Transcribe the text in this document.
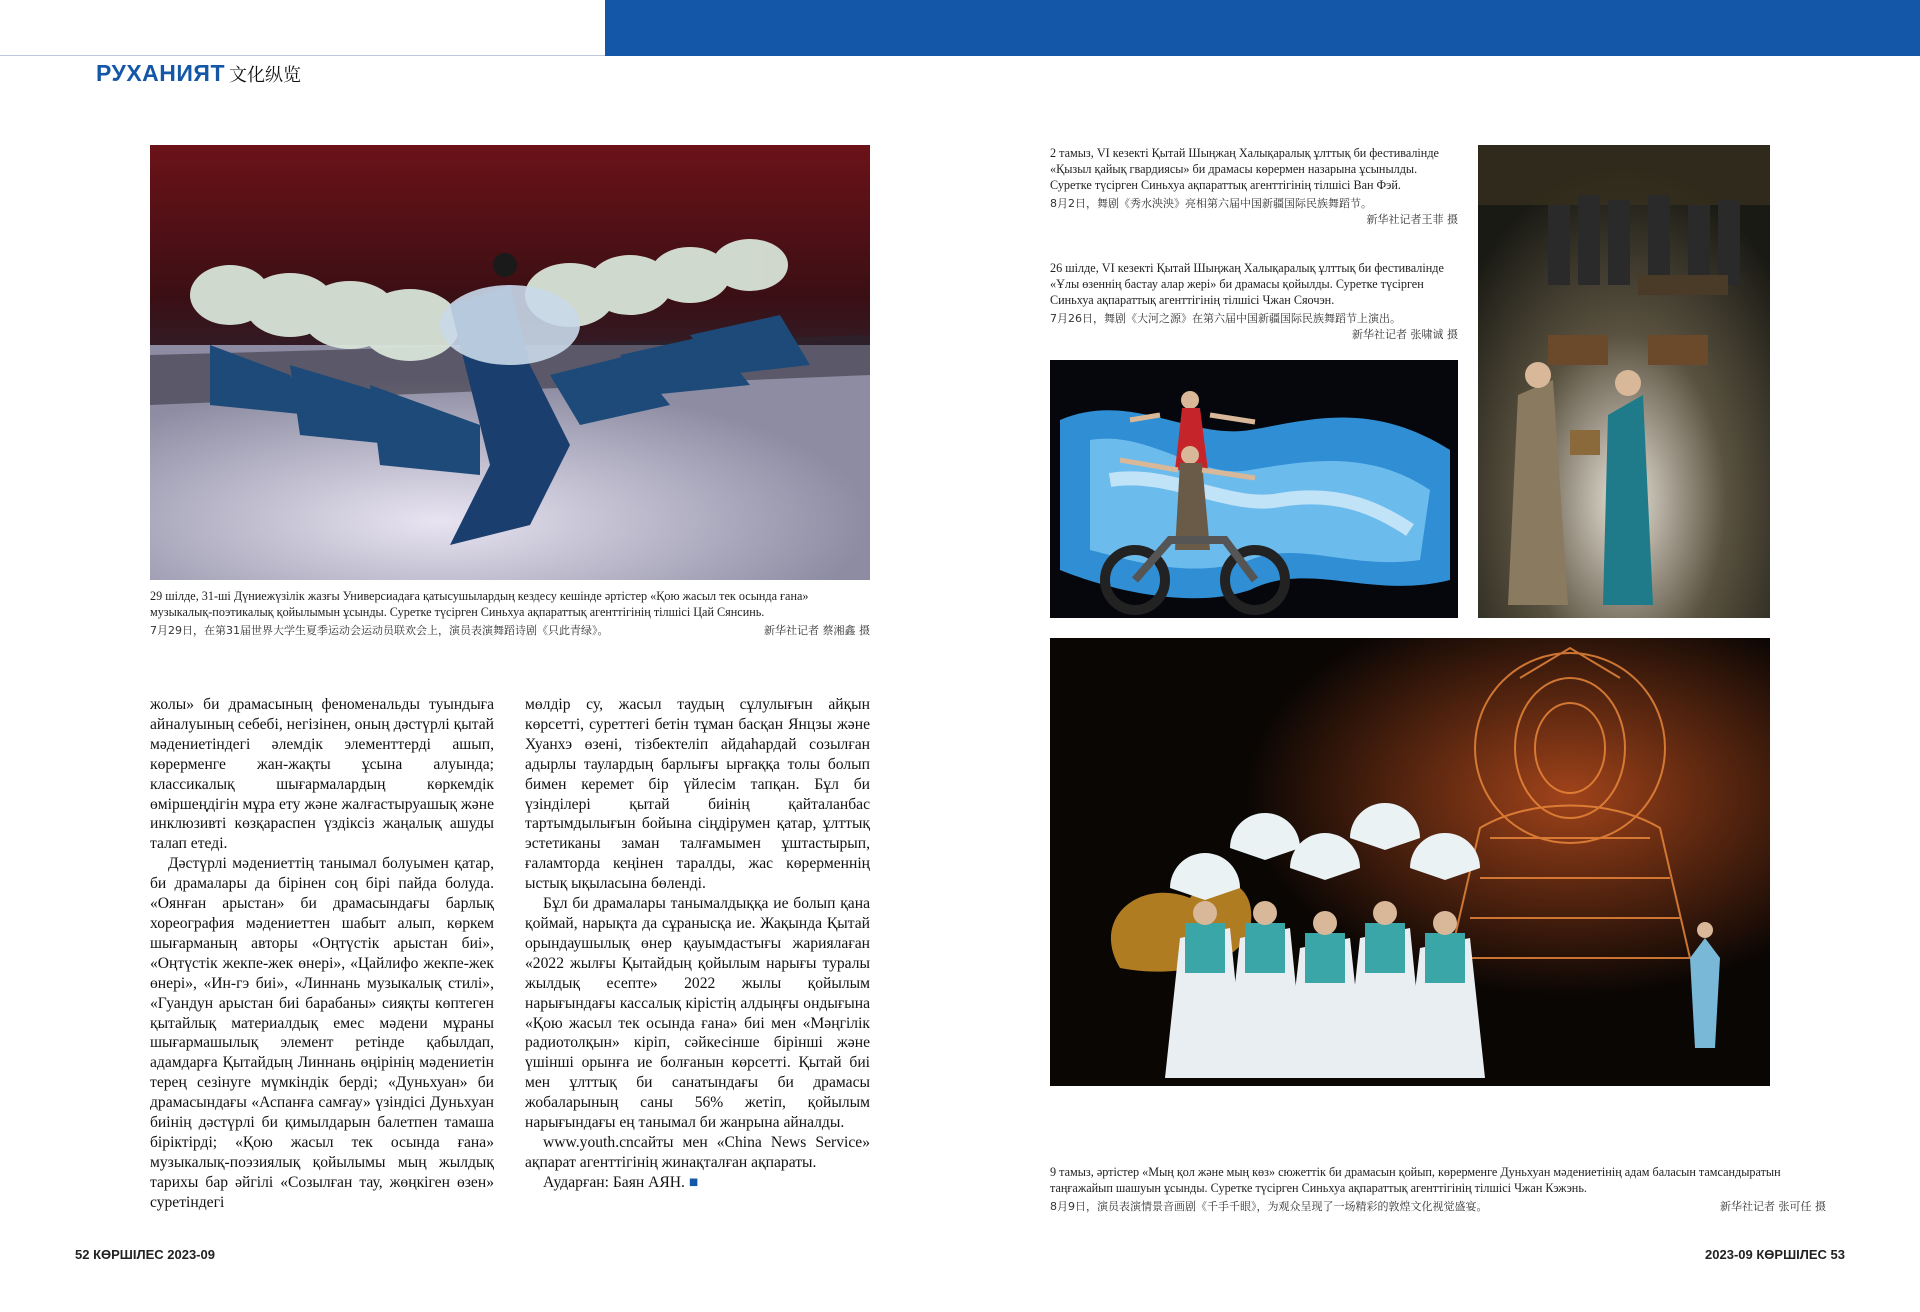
РУХАНИЯТ 文化纵览

29 шілде, 31-ші Дүниежүзілік жазғы Универсиадаға қатысушылардың кездесу кешінде әртістер «Қою жасыл тек осында ғана» музыкалық-поэтикалық қойылымын ұсынды. Суретке түсірген Синьхуа ақпараттық агенттігінің тілшісі Цай Сянсинь.

7月29日，在第31届世界大学生夏季运动会运动员联欢会上，演员表演舞蹈诗剧《只此青绿》。	新华社记者 蔡湘鑫 摄

2 тамыз, VI кезекті Қытай Шыңжаң Халықаралық ұлттық би фестивалінде «Қызыл қайық гвардиясы» би драмасы көрермен назарына ұсынылды. Суретке түсірген Синьхуа ақпараттық агенттігінің тілшісі Ван Фэй.

8月2日，舞剧《秀水泱泱》亮相第六届中国新疆国际民族舞蹈节。

新华社记者王菲 摄

26 шілде, VI кезекті Қытай Шыңжаң Халықаралық ұлттық би фестивалінде «Ұлы өзеннің бастау алар жері» би драмасы қойылды. Суретке түсірген Синьхуа ақпараттық агенттігінің тілшісі Чжан Сяочэн.

7月26日，舞剧《大河之源》在第六届中国新疆国际民族舞蹈节上演出。

新华社记者 张啸诚 摄

9 тамыз, әртістер «Мың қол және мың көз» сюжеттік би драмасын қойып, көрерменге Дуньхуан мәдениетінің адам баласын тамсандыратын таңғажайып шашуын ұсынды. Суретке түсірген Синьхуа ақпараттық агенттігінің тілшісі Чжан Кэжэнь.

8月9日，演员表演情景音画剧《千手千眼》，为观众呈现了一场精彩的敦煌文化视觉盛宴。	新华社记者 张可任 摄

жолы» би драмасының феноменальды туындыға айналуының себебі, негізінен, оның дәстүрлі қытай мәдениетіндегі әлемдік элементтерді ашып, көрерменге жан-жақты ұсына алуында; классикалық шығармалардың көркемдік өміршеңдігін мұра ету және жалғастыруашық және инклюзивті көзқараспен үздіксіз жаңалық ашуды талап етеді.

Дәстүрлі мәдениеттің танымал болуымен қатар, би драмалары да бірінен соң бірі пайда болуда. «Оянған арыстан» би драмасындағы барлық хореография мәдениеттен шабыт алып, көркем шығарманың авторы «Оңтүстік арыстан биі», «Оңтүстік жекпе-жек өнері», «Цайлифо жекпе-жек өнері», «Ин-гэ биі», «Линнань музыкалық стилі», «Гуандун арыстан биі барабаны» сияқты көптеген қытайлық материалдық емес мәдени мұраны шығармашылық элемент ретінде қабылдап, адамдарға Қытайдың Линнань өңірінің мәдениетін терең сезінуге мүмкіндік берді; «Дуньхуан» би драмасындағы «Аспанға самғау» үзіндісі Дуньхуан биінің дәстүрлі би қимылдарын балетпен тамаша біріктірді; «Қою жасыл тек осында ғана» музыкалық-поэзиялық қойылымы мың жылдық тарихы бар әйгілі «Созылған тау, жөңкіген өзен» суретіндегі

мөлдір су, жасыл таудың сұлулығын айқын көрсетті, суреттегі бетін тұман басқан Янцзы және Хуанхэ өзені, тізбектеліп айдаһардай созылған адырлы таулардың барлығы ырғаққа толы болып бимен керемет бір үйлесім тапқан. Бұл би үзінділері қытай биінің қайталанбас тартымдылығын бойына сіңдірумен қатар, ұлттық эстетиканы заман талғамымен ұштастырып, ғаламторда кеңінен таралды, жас көрерменнің ыстық ықыласына бөленді.

Бұл би драмалары танымалдыққа ие болып қана қоймай, нарықта да сұранысқа ие. Жақында Қытай орындаушылық өнер қауымдастығы жариялаған «2022 жылғы Қытайдың қойылым нарығы туралы жылдық есепте» 2022 жылы қойылым нарығындағы кассалық кірістің алдыңғы ондығына «Қою жасыл тек осында ғана» биі мен «Мәңгілік радиотолқын» кіріп, сәйкесінше бірінші және үшінші орынға ие болғанын көрсетті. Қытай биі мен ұлттық би санатындағы би драмасы жобаларының саны 56% жетіп, қойылым нарығындағы ең танымал би жанрына айналды.

www.youth.cnсайты мен «China News Service» ақпарат агенттігінің жинақталған ақпараты.

Аударған: Баян АЯН. ■

52 КӨРШІЛЕС 2023-09	2023-09 КӨРШІЛЕС 53
